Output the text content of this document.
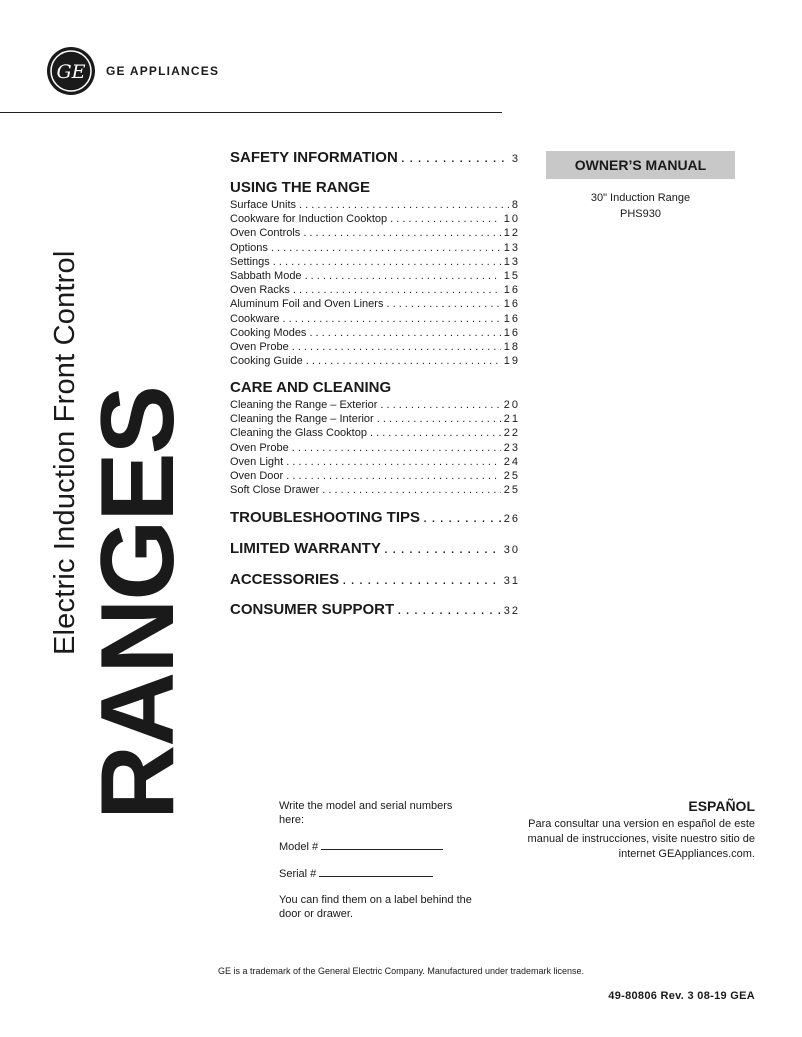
GE GE APPLIANCES
Electric Induction Front Control RANGES
SAFETY INFORMATION . . .	3
USING THE RANGE
Surface Units . . .	8
Cookware for Induction Cooktop . . .	10
Oven Controls . . .	12
Options . . .	13
Settings . . .	13
Sabbath Mode . . .	15
Oven Racks . . .	16
Aluminum Foil and Oven Liners . . .	16
Cookware . . .	16
Cooking Modes . . .	16
Oven Probe . . .	18
Cooking Guide . . .	19
CARE AND CLEANING
Cleaning the Range – Exterior . . .	20
Cleaning the Range – Interior . . .	21
Cleaning the Glass Cooktop . . .	22
Oven Probe . . .	23
Oven Light . . .	24
Oven Door . . .	25
Soft Close Drawer . . .	25
TROUBLESHOOTING TIPS . . .	26
LIMITED WARRANTY . . .	30
ACCESSORIES . . .	31
CONSUMER SUPPORT . . .	32
OWNER’S MANUAL
30" Induction Range
PHS930

Write the model and serial numbers here:

Model #

Serial #

You can find them on a label behind the door or drawer.

ESPAÑOL
Para consultar una version en español de este manual de instrucciones, visite nuestro sitio de internet GEAppliances.com.
GE is a trademark of the General Electric Company. Manufactured under trademark license.
49-80806 Rev. 3 08-19 GEA
